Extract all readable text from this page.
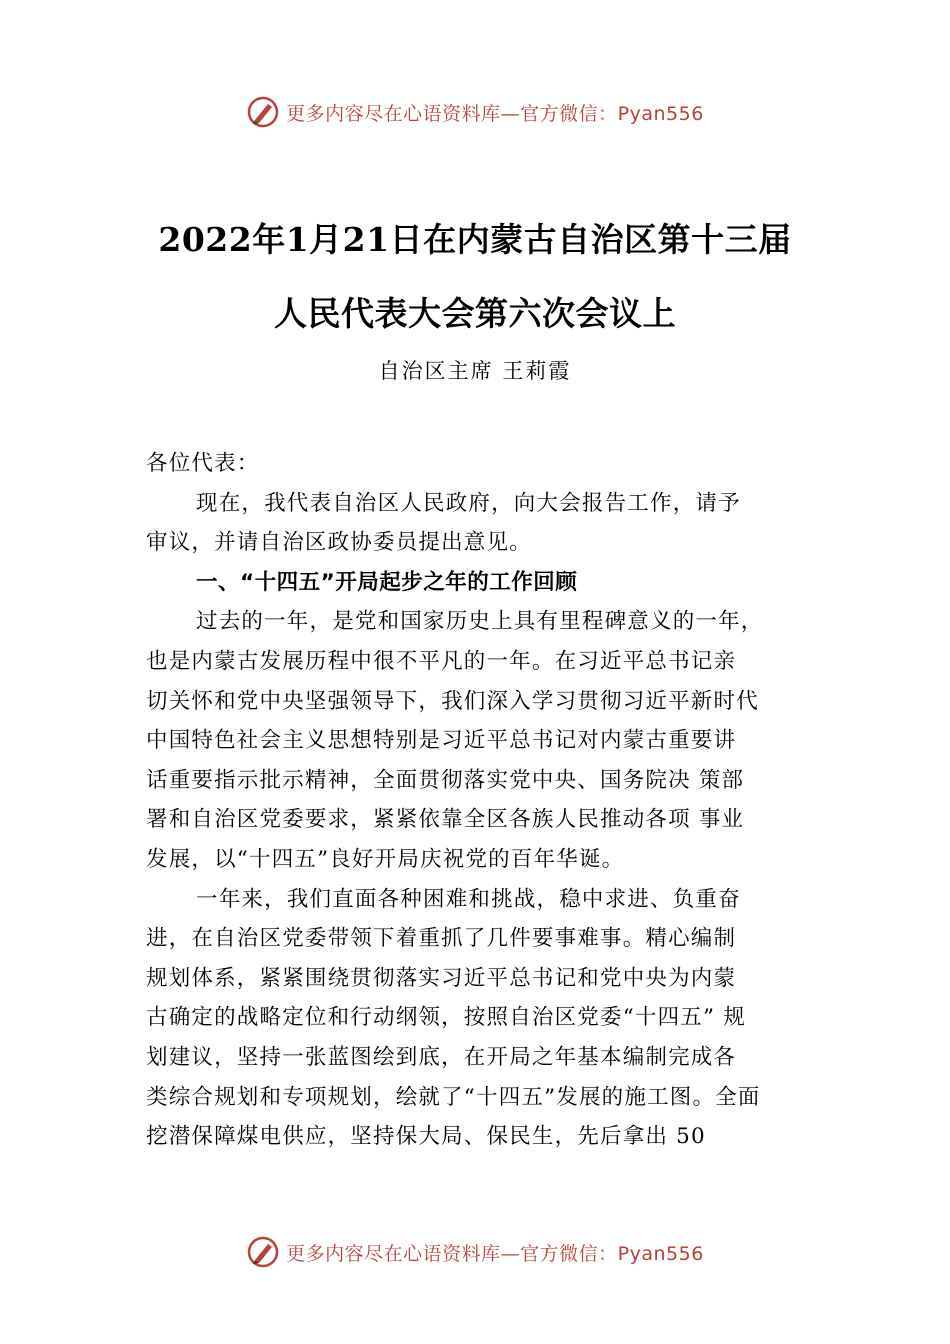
更多内容尽在心语资料库—官方微信：Pyan556
2022年1月21日在内蒙古自治区第十三届
人民代表大会第六次会议上
自治区主席 王莉霞
各位代表：
现在，我代表自治区人民政府，向大会报告工作，请予
审议，并请自治区政协委员提出意见。
一、“十四五”开局起步之年的工作回顾
过去的一年，是党和国家历史上具有里程碑意义的一年，
也是内蒙古发展历程中很不平凡的一年。在习近平总书记亲
切关怀和党中央坚强领导下，我们深入学习贯彻习近平新时代
中国特色社会主义思想特别是习近平总书记对内蒙古重要讲
话重要指示批示精神，全面贯彻落实党中央、国务院决 策部
署和自治区党委要求，紧紧依靠全区各族人民推动各项 事业
发展，以“十四五”良好开局庆祝党的百年华诞。
一年来，我们直面各种困难和挑战，稳中求进、负重奋
进，在自治区党委带领下着重抓了几件要事难事。精心编制
规划体系，紧紧围绕贯彻落实习近平总书记和党中央为内蒙
古确定的战略定位和行动纲领，按照自治区党委“十四五” 规
划建议，坚持一张蓝图绘到底，在开局之年基本编制完成各
类综合规划和专项规划，绘就了“十四五”发展的施工图。全面
挖潜保障煤电供应，坚持保大局、保民生，先后拿出 50
更多内容尽在心语资料库—官方微信：Pyan556
